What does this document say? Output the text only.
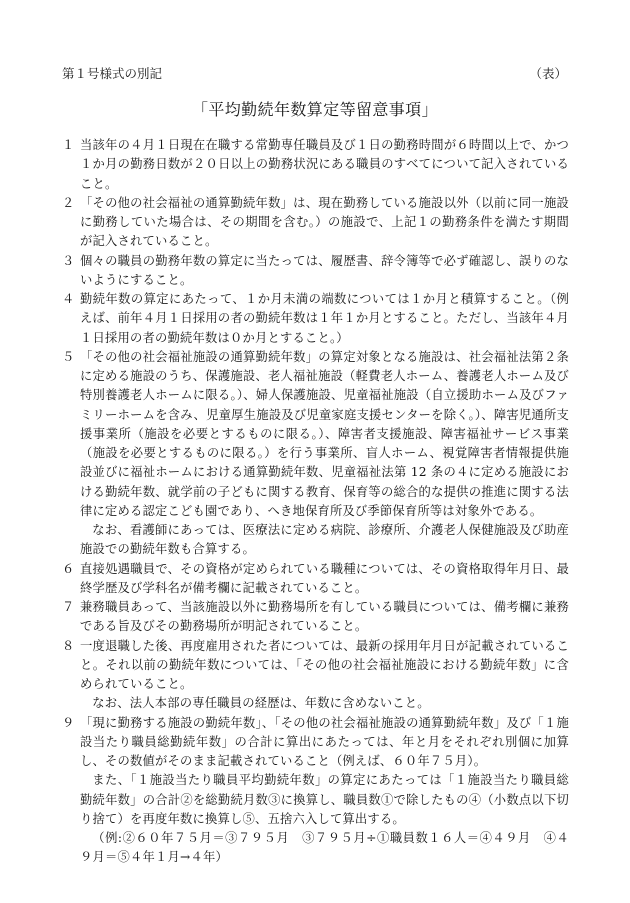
第１号様式の別記	（表）
「平均勤続年数算定等留意事項」
１ 当該年の４月１日現在在職する常勤専任職員及び１日の勤務時間が６時間以上で、かつ１か月の勤務日数が２０日以上の勤務状況にある職員のすべてについて記入されていること。
２ 「その他の社会福祉の通算勤続年数」は、現在勤務している施設以外（以前に同一施設に勤務していた場合は、その期間を含む。）の施設で、上記１の勤務条件を満たす期間が記入されていること。
３ 個々の職員の勤務年数の算定に当たっては、履歴書、辞令簿等で必ず確認し、誤りのないようにすること。
４ 勤続年数の算定にあたって、１か月未満の端数については１か月と積算すること。（例えば、前年４月１日採用の者の勤続年数は１年１か月とすること。ただし、当該年４月１日採用の者の勤続年数は０か月とすること。）
５ 「その他の社会福祉施設の通算勤続年数」の算定対象となる施設は、社会福祉法第２条に定める施設のうち、保護施設、老人福祉施設（軽費老人ホーム、養護老人ホーム及び特別養護老人ホームに限る。）、婦人保護施設、児童福祉施設（自立援助ホーム及びファミリーホームを含み、児童厚生施設及び児童家庭支援センターを除く。）、障害児通所支援事業所（施設を必要とするものに限る。）、障害者支援施設、障害福祉サービス事業（施設を必要とするものに限る。）を行う事業所、盲人ホーム、視覚障害者情報提供施設並びに福祉ホームにおける通算勤続年数、児童福祉法第 12 条の４に定める施設における勤続年数、就学前の子どもに関する教育、保育等の総合的な提供の推進に関する法律に定める認定こども園であり、へき地保育所及び季節保育所等は対象外である。
なお、看護師にあっては、医療法に定める病院、診療所、介護老人保健施設及び助産施設での勤続年数も合算する。
６ 直接処遇職員で、その資格が定められている職種については、その資格取得年月日、最終学歴及び学科名が備考欄に記載されていること。
７ 兼務職員あって、当該施設以外に勤務場所を有している職員については、備考欄に兼務である旨及びその勤務場所が明記されていること。
８ 一度退職した後、再度雇用された者については、最新の採用年月日が記載されていること。それ以前の勤続年数については、「その他の社会福祉施設における勤続年数」に含められていること。
なお、法人本部の専任職員の経歴は、年数に含めないこと。
９ 「現に勤務する施設の勤続年数」、「その他の社会福祉施設の通算勤続年数」及び「１施設当たり職員総勤続年数」の合計に算出にあたっては、年と月をそれぞれ別個に加算し、その数値がそのまま記載されていること（例えば、６０年７５月）。
また、「１施設当たり職員平均勤続年数」の算定にあたっては「１施設当たり職員総勤続年数」の合計②を総勤続月数③に換算し、職員数①で除したもの④（小数点以下切り捨て）を再度年数に換算し⑤、五捨六入して算出する。
（例:②６０年７５月＝③７９５月　③７９５月÷①職員数１６人＝④４９月　④４９月＝⑤４年１月→４年）
